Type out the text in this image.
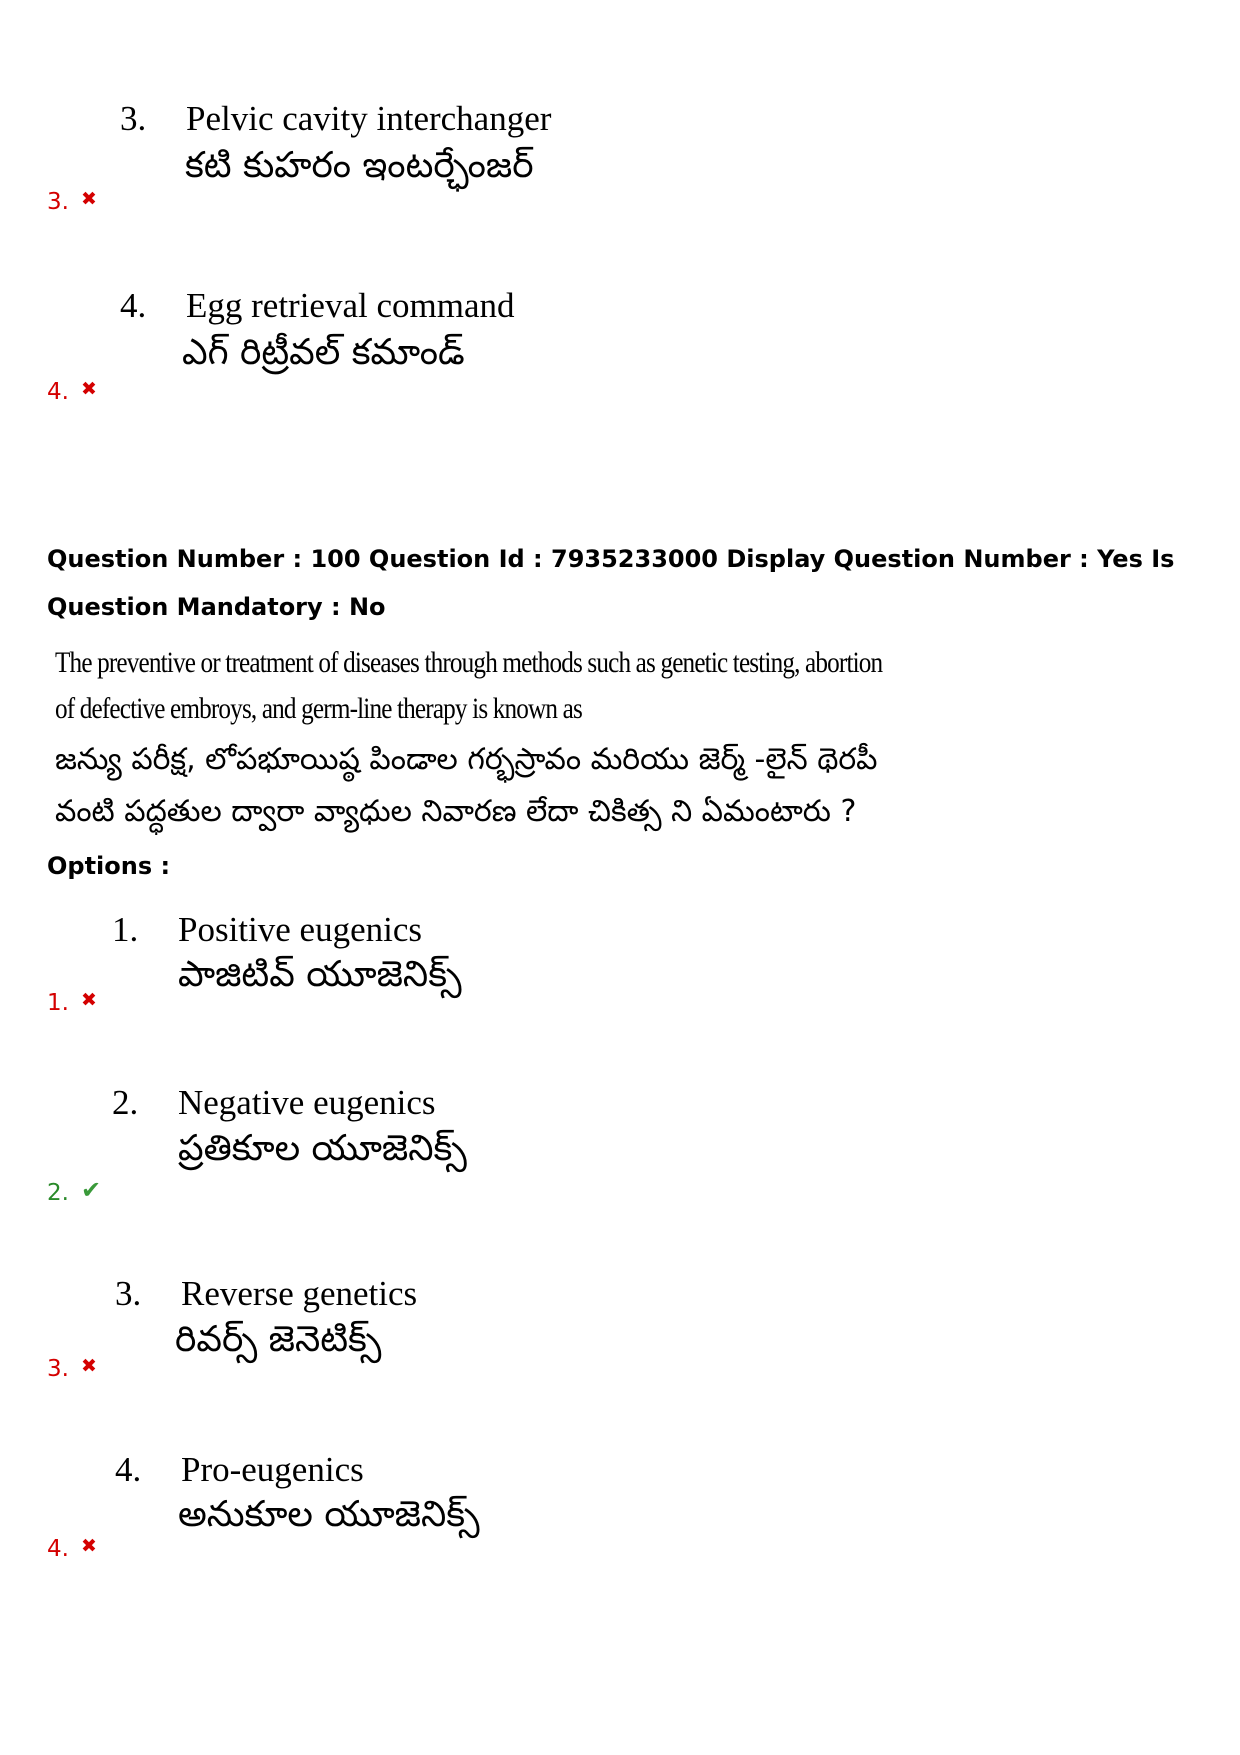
3. Pelvic cavity interchanger
కటి కుహరం ఇంటర్ఛేంజర్
3. ✖
4. Egg retrieval command
ఎగ్ రిట్రీవల్ కమాండ్
4. ✖
Question Number : 100 Question Id : 7935233000 Display Question Number : Yes Is Question Mandatory : No
The preventive or treatment of diseases through methods such as genetic testing, abortion of defective embroys, and germ-line therapy is known as
జన్యు పరీక్ష, లోపభూయిష్ఠ పిండాల గర్భస్రావం మరియు జెర్మ్ -లైన్ థెరపీ వంటి పద్ధతుల ద్వారా వ్యాధుల నివారణ లేదా చికిత్స ని ఏమంటారు ?
Options :
1. Positive eugenics
పాజిటివ్ యూజెనిక్స్
1. ✖
2. Negative eugenics
ప్రతికూల యూజెనిక్స్
2. ✔
3. Reverse genetics
రివర్స్ జెనెటిక్స్
3. ✖
4. Pro-eugenics
అనుకూల యూజెనిక్స్
4. ✖
